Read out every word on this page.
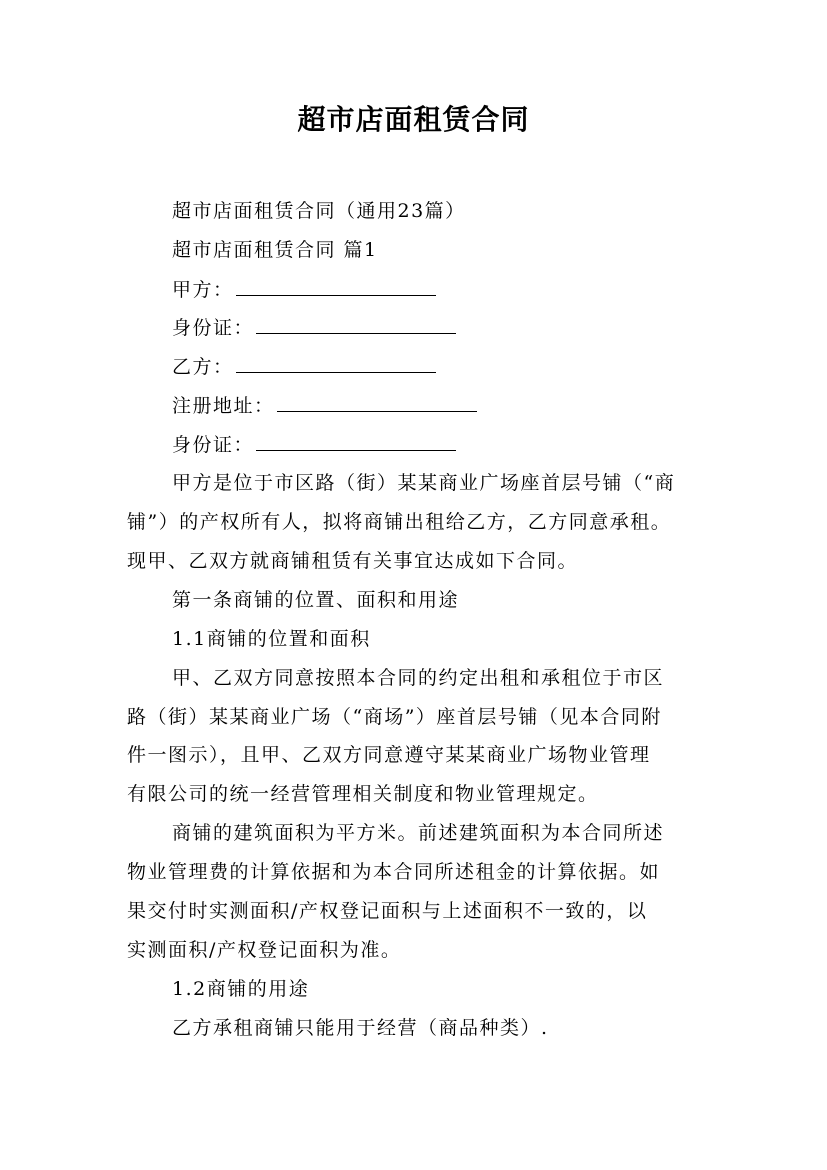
超市店面租赁合同
超市店面租赁合同（通用23篇）
超市店面租赁合同 篇1
甲方：
身份证：
乙方：
注册地址：
身份证：
甲方是位于市区路（街）某某商业广场座首层号铺（“商
铺”）的产权所有人，拟将商铺出租给乙方，乙方同意承租。
现甲、乙双方就商铺租赁有关事宜达成如下合同。
第一条商铺的位置、面积和用途
1.1商铺的位置和面积
甲、乙双方同意按照本合同的约定出租和承租位于市区
路（街）某某商业广场（“商场”）座首层号铺（见本合同附
件一图示），且甲、乙双方同意遵守某某商业广场物业管理
有限公司的统一经营管理相关制度和物业管理规定。
商铺的建筑面积为平方米。前述建筑面积为本合同所述
物业管理费的计算依据和为本合同所述租金的计算依据。如
果交付时实测面积/产权登记面积与上述面积不一致的，以
实测面积/产权登记面积为准。
1.2商铺的用途
乙方承租商铺只能用于经营（商品种类）.
